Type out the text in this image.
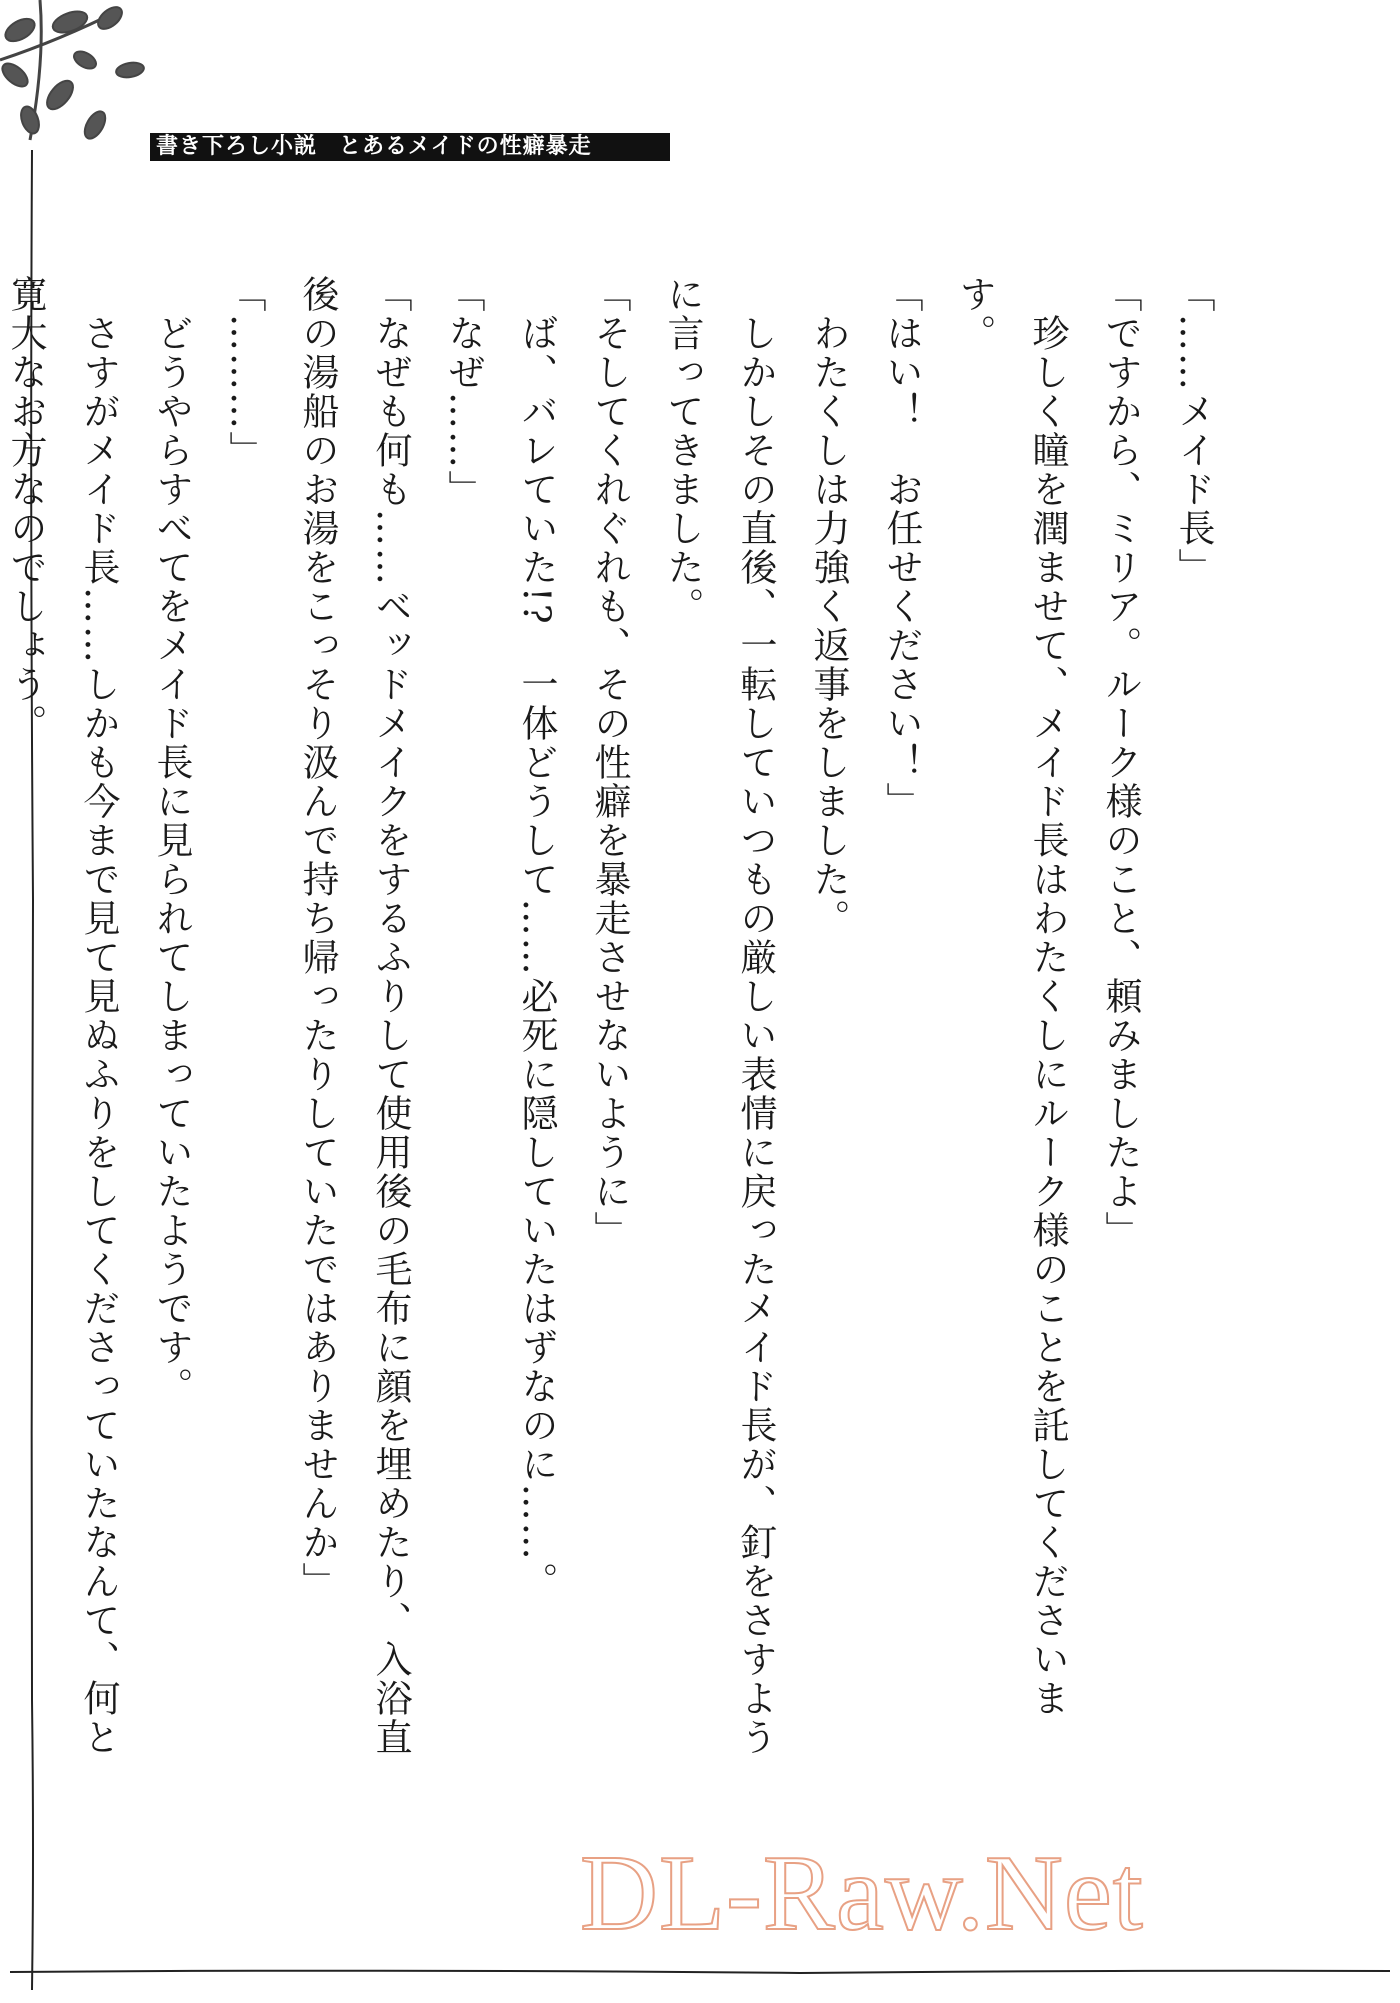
書き下ろし小説 とあるメイドの性癖暴走

「……メイド長」

「ですから、ミリア。ルーク様のこと、頼みましたよ」

　珍しく瞳を潤ませて、メイド長はわたくしにルーク様のことを託してくださいます。

「はい！　お任せください！」

　わたくしは力強く返事をしました。

　しかしその直後、一転していつもの厳しい表情に戻ったメイド長が、釘をさすように言ってきました。

「そしてくれぐれも、その性癖を暴走させないように」

　ば、バレていた!?　一体どうして……必死に隠していたはずなのに……。

「なぜ……」

「なぜも何も……ベッドメイクをするふりして使用後の毛布に顔を埋めたり、入浴直後の湯船のお湯をこっそり汲んで持ち帰ったりしていたではありませんか」

「………」

　どうやらすべてをメイド長に見られてしまっていたようです。

　さすがメイド長……しかも今まで見て見ぬふりをしてくださっていたなんて、何と寛大なお方なのでしょう。

DL-Raw.Net
